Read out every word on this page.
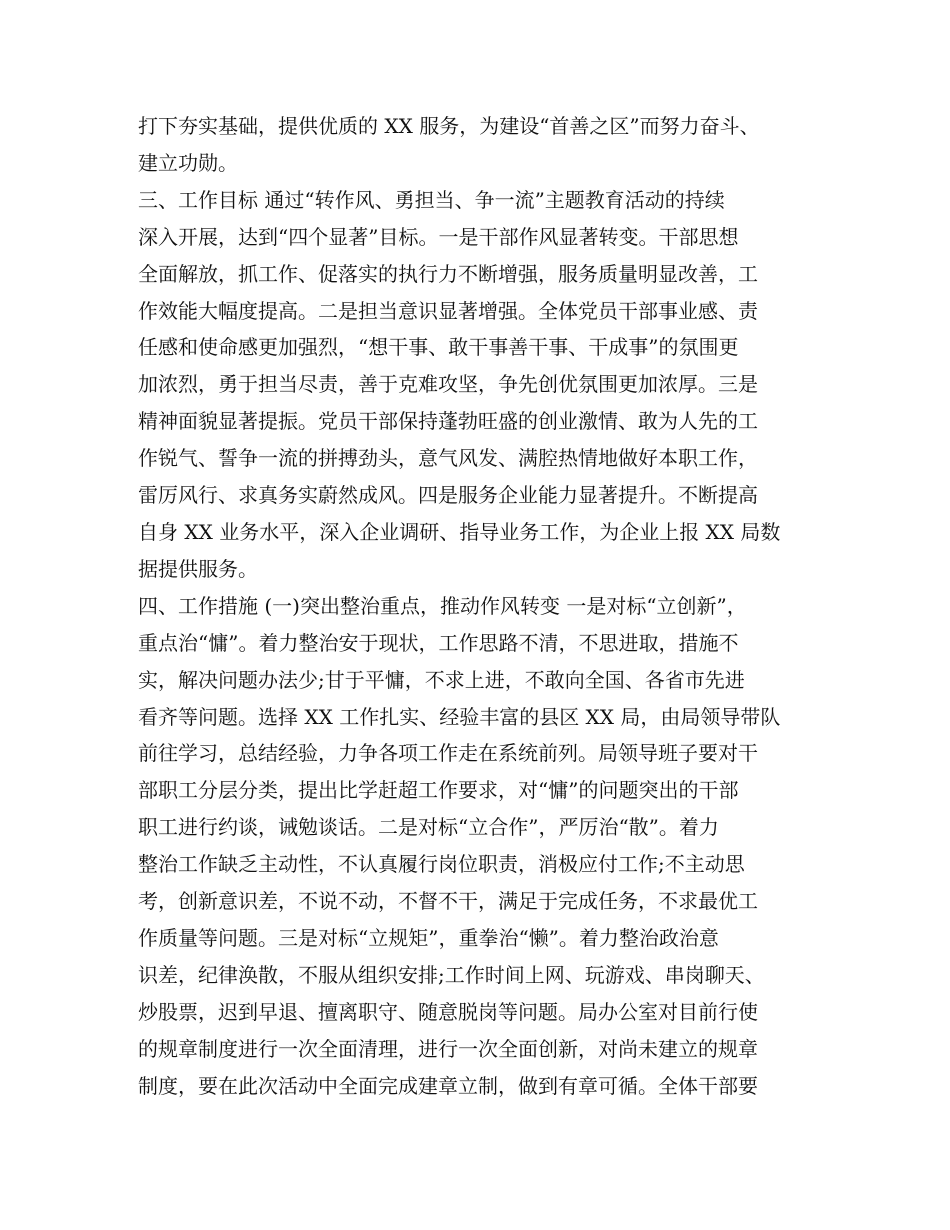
打下夯实基础，提供优质的 XX 服务，为建设“首善之区”而努力奋斗、
建立功勋。
三、工作目标 通过“转作风、勇担当、争一流”主题教育活动的持续
深入开展，达到“四个显著”目标。一是干部作风显著转变。干部思想
全面解放，抓工作、促落实的执行力不断增强，服务质量明显改善，工
作效能大幅度提高。二是担当意识显著增强。全体党员干部事业感、责
任感和使命感更加强烈，“想干事、敢干事善干事、干成事”的氛围更
加浓烈，勇于担当尽责，善于克难攻坚，争先创优氛围更加浓厚。三是
精神面貌显著提振。党员干部保持蓬勃旺盛的创业激情、敢为人先的工
作锐气、誓争一流的拼搏劲头，意气风发、满腔热情地做好本职工作，
雷厉风行、求真务实蔚然成风。四是服务企业能力显著提升。不断提高
自身 XX 业务水平，深入企业调研、指导业务工作，为企业上报 XX 局数
据提供服务。
四、工作措施 (一)突出整治重点，推动作风转变 一是对标“立创新”，
重点治“慵”。着力整治安于现状，工作思路不清，不思进取，措施不
实，解决问题办法少;甘于平慵，不求上进，不敢向全国、各省市先进
看齐等问题。选择 XX 工作扎实、经验丰富的县区 XX 局，由局领导带队
前往学习，总结经验，力争各项工作走在系统前列。局领导班子要对干
部职工分层分类，提出比学赶超工作要求，对“慵”的问题突出的干部
职工进行约谈，诫勉谈话。二是对标“立合作”，严厉治“散”。着力
整治工作缺乏主动性，不认真履行岗位职责，消极应付工作;不主动思
考，创新意识差，不说不动，不督不干，满足于完成任务，不求最优工
作质量等问题。三是对标“立规矩”，重拳治“懒”。着力整治政治意
识差，纪律涣散，不服从组织安排;工作时间上网、玩游戏、串岗聊天、
炒股票，迟到早退、擅离职守、随意脱岗等问题。局办公室对目前行使
的规章制度进行一次全面清理，进行一次全面创新，对尚未建立的规章
制度，要在此次活动中全面完成建章立制，做到有章可循。全体干部要
